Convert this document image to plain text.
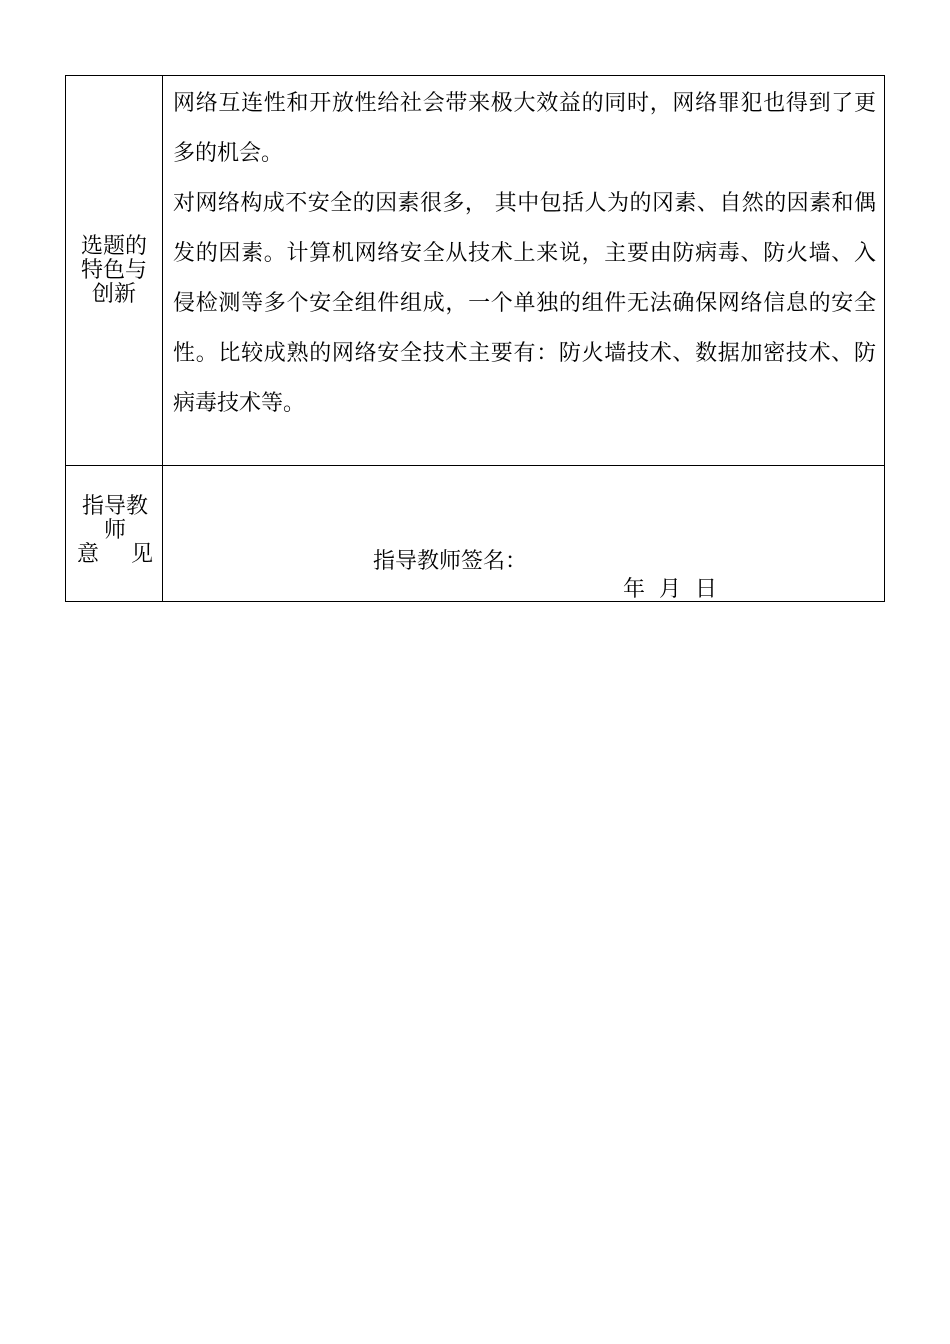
选题的特色与创新

网络互连性和开放性给社会带来极大效益的同时，网络罪犯也得到了更多的机会。

对网络构成不安全的因素很多， 其中包括人为的冈素、自然的因素和偶发的因素。计算机网络安全从技术上来说，主要由防病毒、防火墙、入侵检测等多个安全组件组成，一个单独的组件无法确保网络信息的安全性。比较成熟的网络安全技术主要有：防火墙技术、数据加密技术、防病毒技术等。

指导教
师
意 见	指导教师签名：
年  月  日
